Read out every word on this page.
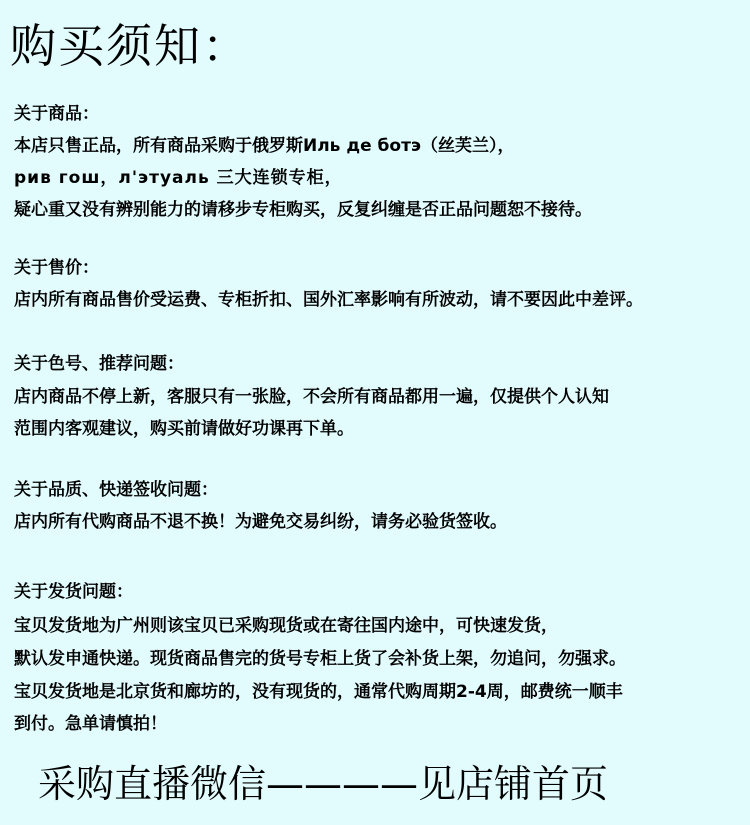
购买须知：
关于商品：
本店只售正品，所有商品采购于俄罗斯Иль де ботэ（丝芙兰），
рив гош，л'этуаль 三大连锁专柜，
疑心重又没有辨别能力的请移步专柜购买，反复纠缠是否正品问题恕不接待。
关于售价：
店内所有商品售价受运费、专柜折扣、国外汇率影响有所波动，请不要因此中差评。
关于色号、推荐问题：
店内商品不停上新，客服只有一张脸，不会所有商品都用一遍，仅提供个人认知
范围内客观建议，购买前请做好功课再下单。
关于品质、快递签收问题：
店内所有代购商品不退不换！为避免交易纠纷，请务必验货签收。
关于发货问题：
宝贝发货地为广州则该宝贝已采购现货或在寄往国内途中，可快速发货，
默认发申通快递。现货商品售完的货号专柜上货了会补货上架，勿追问，勿强求。
宝贝发货地是北京货和廊坊的，没有现货的，通常代购周期2-4周，邮费统一顺丰
到付。急单请慎拍！
采购直播微信————见店铺首页
